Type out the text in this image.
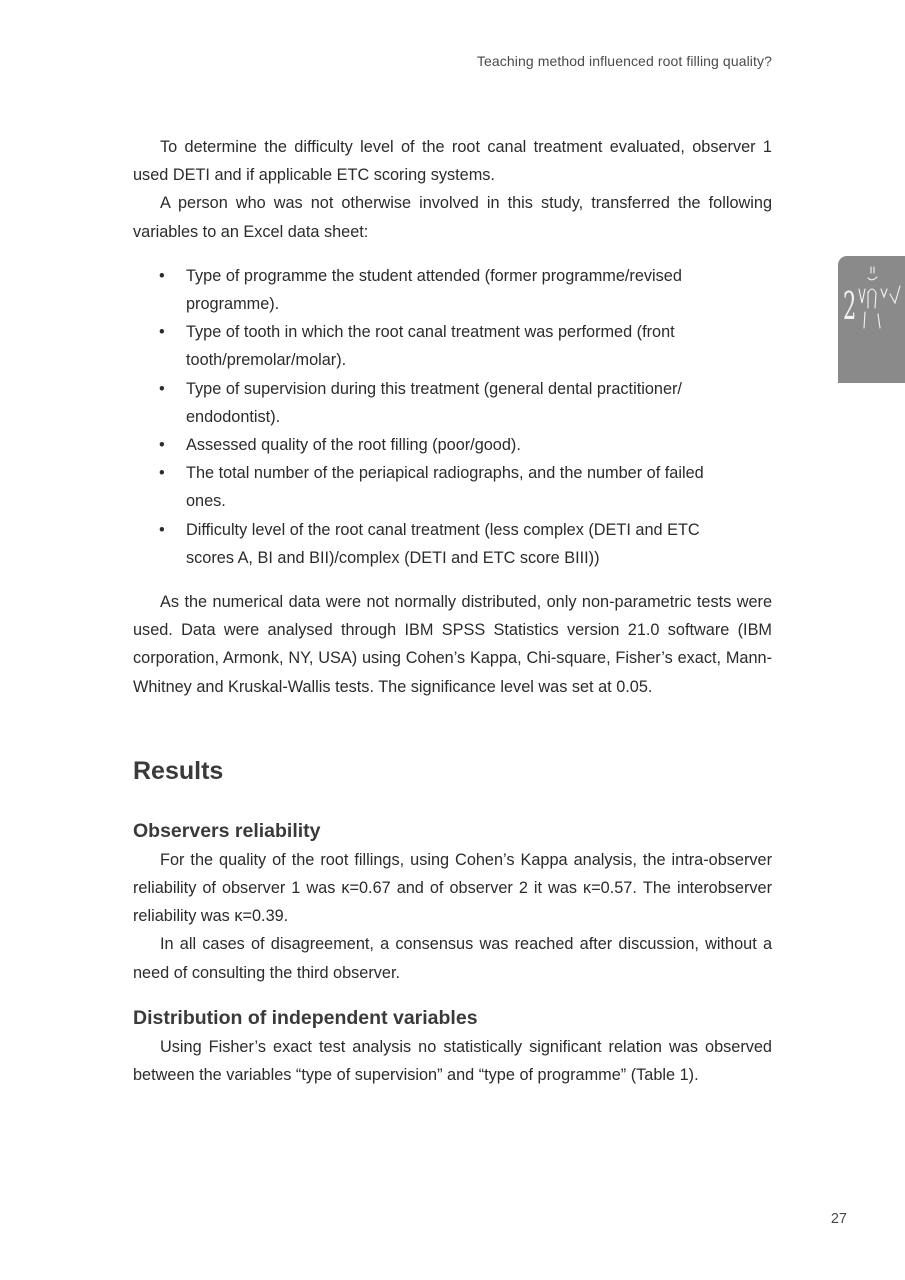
Teaching method influenced root filling quality?
2

To determine the difficulty level of the root canal treatment evaluated, observer 1 used DETI and if applicable ETC scoring systems.

A person who was not otherwise involved in this study, transferred the following variables to an Excel data sheet:

• Type of programme the student attended (former programme/revised programme).
• Type of tooth in which the root canal treatment was performed (front tooth/premolar/molar).
• Type of supervision during this treatment (general dental practitioner/ endodontist).
• Assessed quality of the root filling (poor/good).
• The total number of the periapical radiographs, and the number of failed ones.
• Difficulty level of the root canal treatment (less complex (DETI and ETC scores A, BI and BII)/complex (DETI and ETC score BIII))

As the numerical data were not normally distributed, only non-parametric tests were used. Data were analysed through IBM SPSS Statistics version 21.0 software (IBM corporation, Armonk, NY, USA) using Cohen’s Kappa, Chi-square, Fisher’s exact, Mann-Whitney and Kruskal-Wallis tests. The significance level was set at 0.05.

Results
Observers reliability

For the quality of the root fillings, using Cohen’s Kappa analysis, the intra-observer reliability of observer 1 was κ=0.67 and of observer 2 it was κ=0.57. The interobserver reliability was κ=0.39.

In all cases of disagreement, a consensus was reached after discussion, without a need of consulting the third observer.

Distribution of independent variables

Using Fisher’s exact test analysis no statistically significant relation was observed between the variables “type of supervision” and “type of programme” (Table 1).

27
